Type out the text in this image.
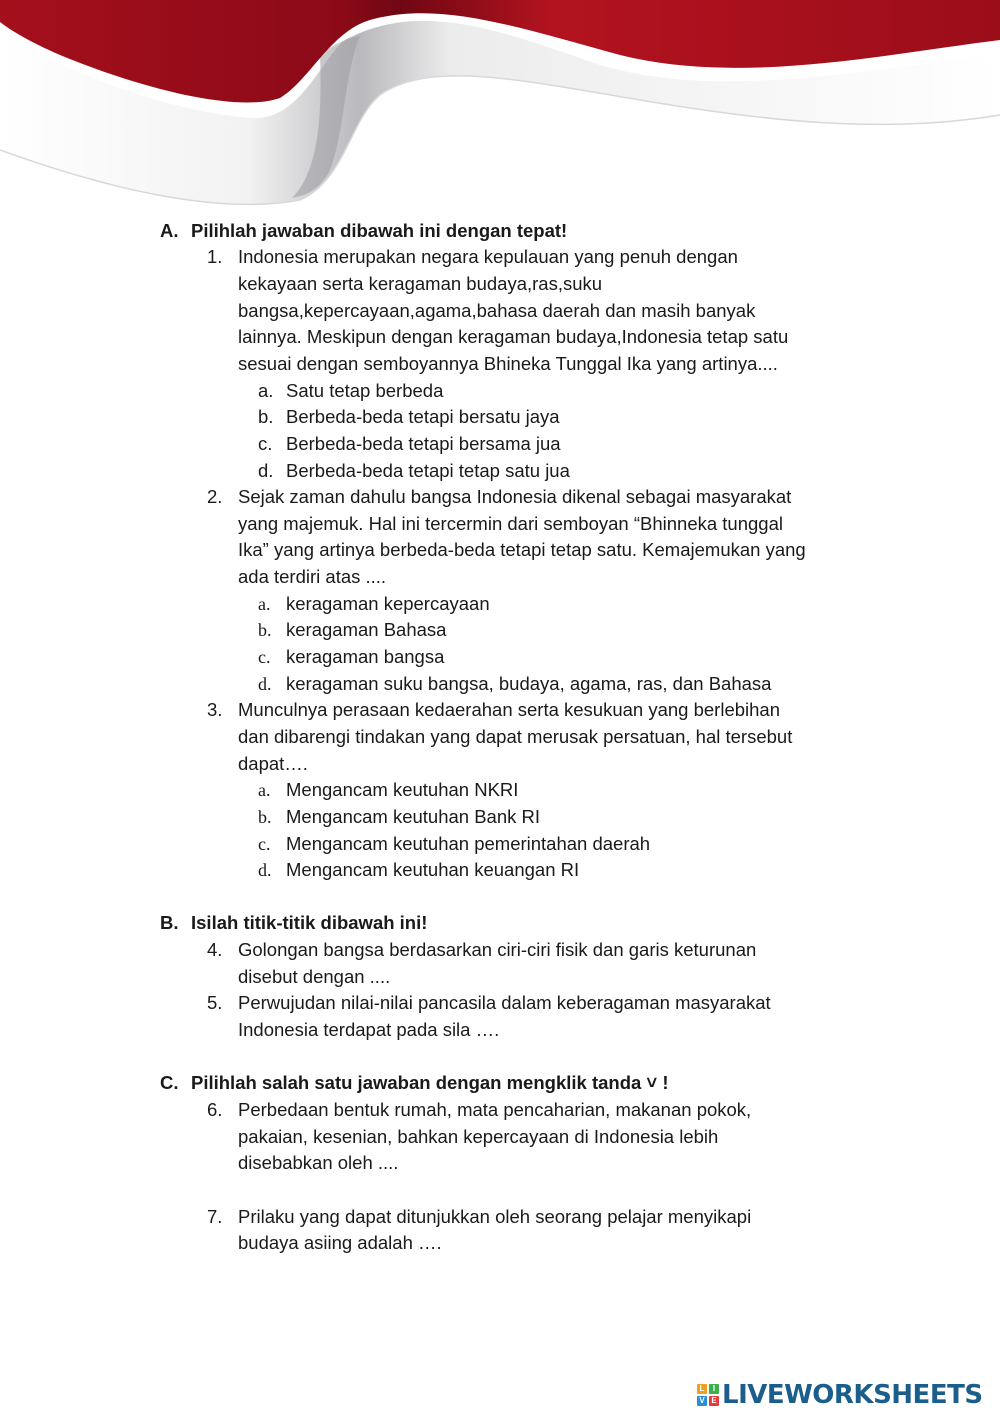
A. Pilihlah jawaban dibawah ini dengan tepat!
1. Indonesia merupakan negara kepulauan yang penuh dengan
kekayaan serta keragaman budaya,ras,suku
bangsa,kepercayaan,agama,bahasa daerah dan masih banyak
lainnya. Meskipun dengan keragaman budaya,Indonesia tetap satu
sesuai dengan semboyannya Bhineka Tunggal Ika yang artinya....
a. Satu tetap berbeda
b. Berbeda-beda tetapi bersatu jaya
c. Berbeda-beda tetapi bersama jua
d. Berbeda-beda tetapi tetap satu jua
2. Sejak zaman dahulu bangsa Indonesia dikenal sebagai masyarakat
yang majemuk. Hal ini tercermin dari semboyan “Bhinneka tunggal
Ika” yang artinya berbeda-beda tetapi tetap satu. Kemajemukan yang
ada terdiri atas ....
a. keragaman kepercayaan
b. keragaman Bahasa
c. keragaman bangsa
d. keragaman suku bangsa, budaya, agama, ras, dan Bahasa
3. Munculnya perasaan kedaerahan serta kesukuan yang berlebihan
dan dibarengi tindakan yang dapat merusak persatuan, hal tersebut
dapat….
a. Mengancam keutuhan NKRI
b. Mengancam keutuhan Bank RI
c. Mengancam keutuhan pemerintahan daerah
d. Mengancam keutuhan keuangan RI
B. Isilah titik-titik dibawah ini!
4. Golongan bangsa berdasarkan ciri-ciri fisik dan garis keturunan
disebut dengan ....
5. Perwujudan nilai-nilai pancasila dalam keberagaman masyarakat
Indonesia terdapat pada sila ….
C. Pilihlah salah satu jawaban dengan mengklik tanda ˅ !
6. Perbedaan bentuk rumah, mata pencaharian, makanan pokok,
pakaian, kesenian, bahkan kepercayaan di Indonesia lebih
disebabkan oleh ....
7. Prilaku yang dapat ditunjukkan oleh seorang pelajar menyikapi
budaya asiing adalah ….
L	I
V E LIVEWORKSHEETS
